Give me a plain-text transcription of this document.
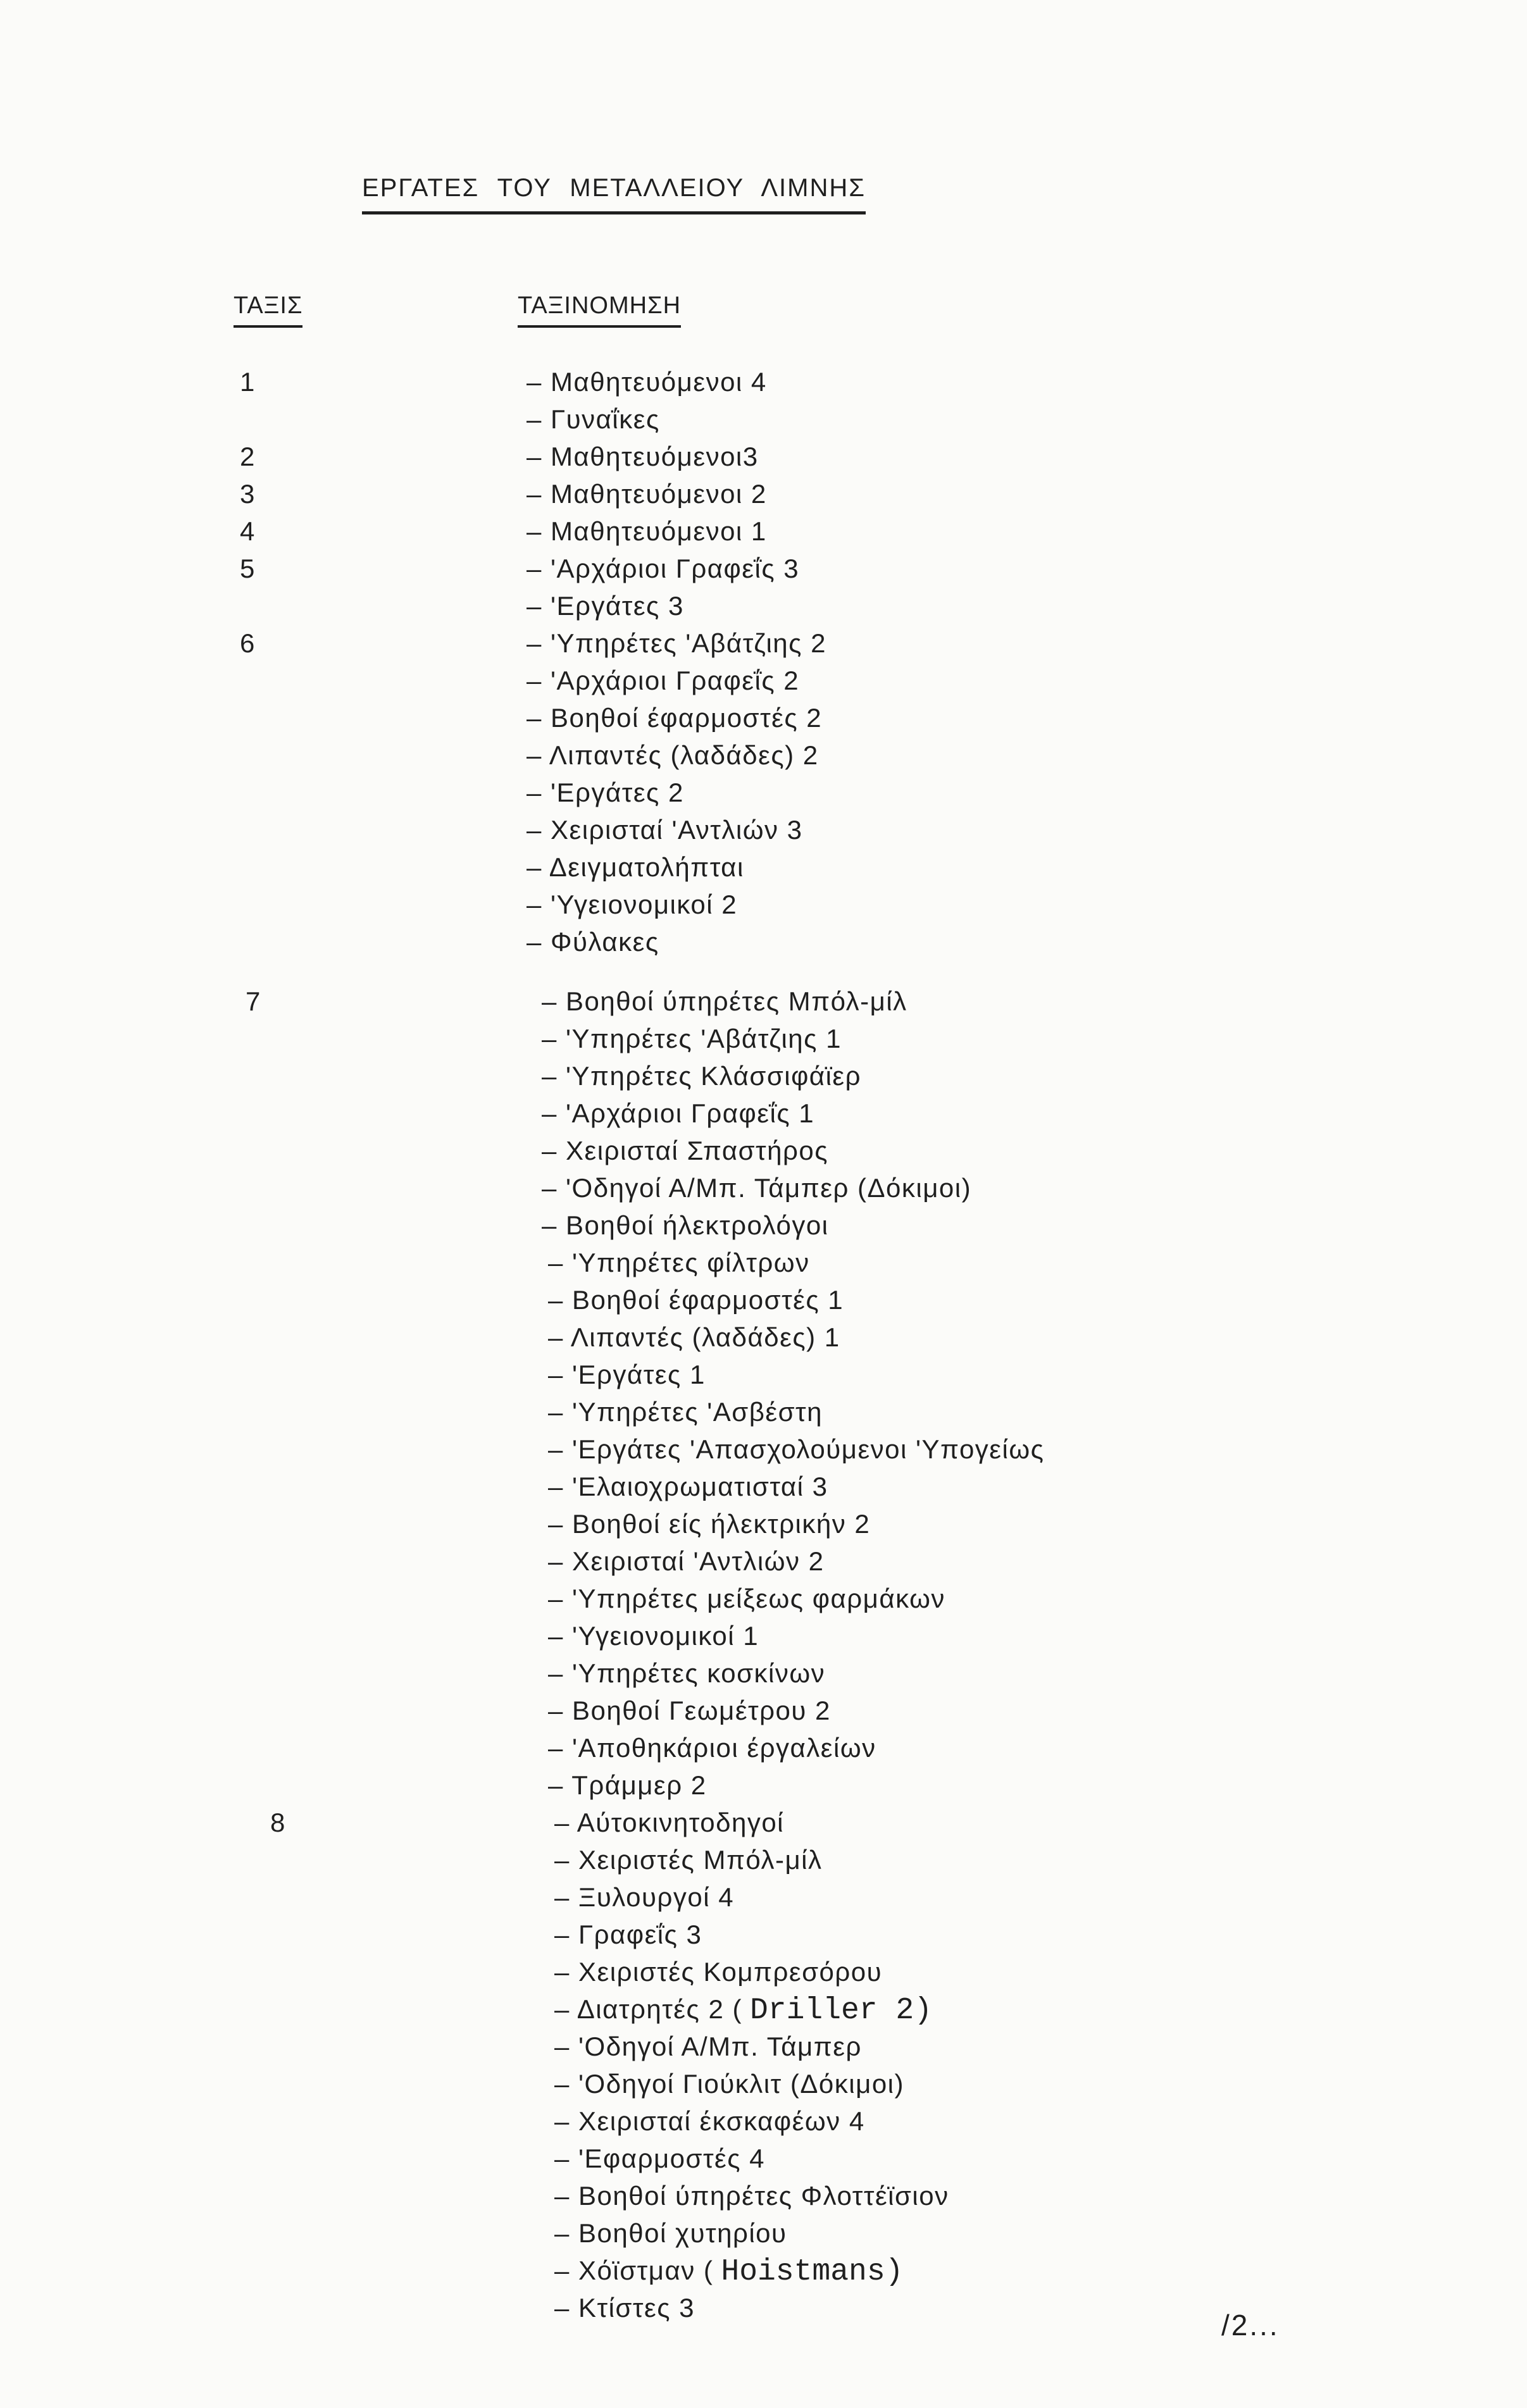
ΕΡΓΑΤΕΣ ΤΟΥ ΜΕΤΑΛΛΕΙΟΥ ΛΙΜΝΗΣ
ΤΑΞΙΣ	ΤΑΞΙΝΟΜΗΣΗ
1	– Μαθητευόμενοι 4
– Γυναΐκες
2	– Μαθητευόμενοι3
3	– Μαθητευόμενοι 2
4	– Μαθητευόμενοι 1
5	– 'Αρχάριοι Γραφεΐς 3
– 'Εργάτες 3
6	– 'Υπηρέτες 'Αβάτζιης 2
– 'Αρχάριοι Γραφεΐς 2
– Βοηθοί έφαρμοστές 2
– Λιπαντές (λαδάδες) 2
– 'Εργάτες 2
– Χειρισταί 'Αντλιών 3
– Δειγματολήπται
– 'Υγειονομικοί 2
– Φύλακες
7	– Βοηθοί ύπηρέτες Μπόλ-μίλ
– 'Υπηρέτες 'Αβάτζιης 1
– 'Υπηρέτες Κλάσσιφάϊερ
– 'Αρχάριοι Γραφεΐς 1
– Χειρισταί Σπαστήρος
– 'Οδηγοί Α/Μπ. Τάμπερ (Δόκιμοι)
– Βοηθοί ήλεκτρολόγοι
– 'Υπηρέτες φίλτρων
– Βοηθοί έφαρμοστές 1
– Λιπαντές (λαδάδες) 1
– 'Εργάτες 1
– 'Υπηρέτες 'Ασβέστη
– 'Εργάτες 'Απασχολούμενοι 'Υπογείως
– 'Ελαιοχρωματισταί 3
– Βοηθοί είς ήλεκτρικήν 2
– Χειρισταί 'Αντλιών 2
– 'Υπηρέτες μείξεως φαρμάκων
– 'Υγειονομικοί 1
– 'Υπηρέτες κοσκίνων
– Βοηθοί Γεωμέτρου 2
– 'Αποθηκάριοι έργαλείων
– Τράμμερ 2
8	– Αύτοκινητοδηγοί
– Χειριστές Μπόλ-μίλ
– Ξυλουργοί 4
– Γραφεΐς 3
– Χειριστές Κομπρεσόρου
– Διατρητές 2 ( Driller 2)
– 'Οδηγοί Α/Μπ. Τάμπερ
– 'Οδηγοί Γιούκλιτ (Δόκιμοι)
– Χειρισταί έκσκαφέων 4
– 'Εφαρμοστές 4
– Βοηθοί ύπηρέτες Φλοττέϊσιον
– Βοηθοί χυτηρίου
– Χόϊστμαν ( Hoistmans)
– Κτίστες 3
/2...
